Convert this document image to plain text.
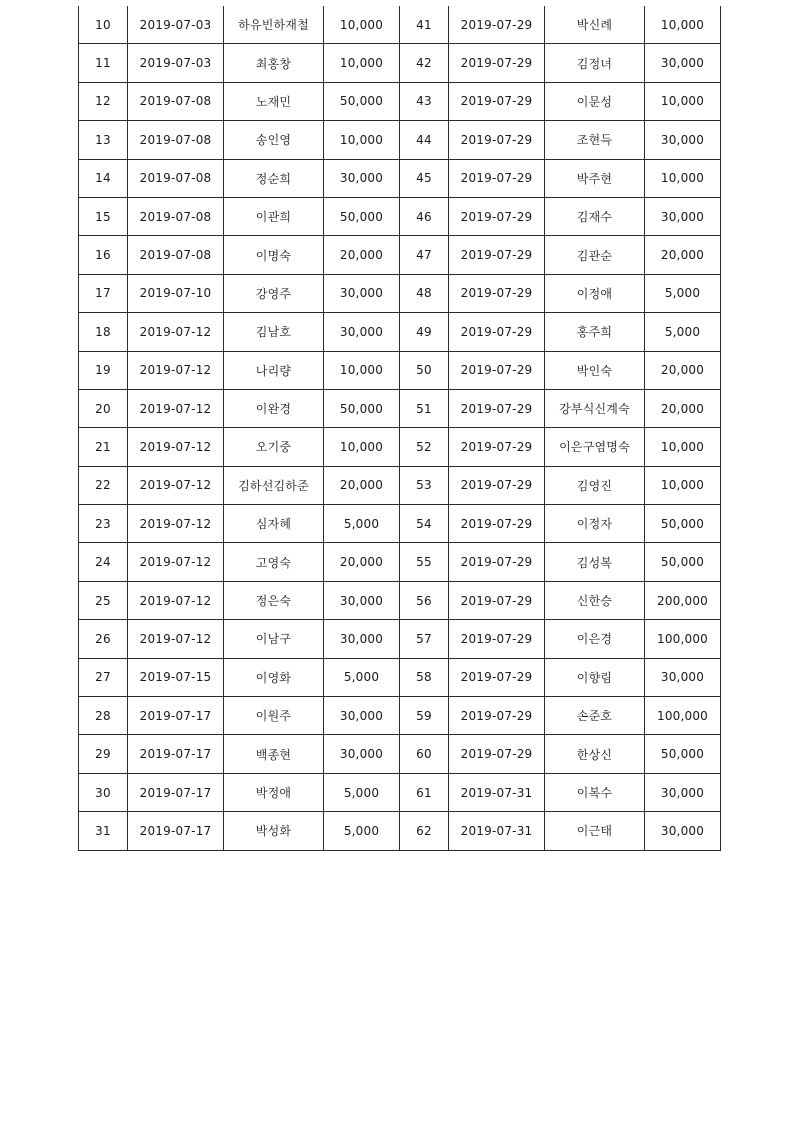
10	2019-07-03	하유빈하재철	10,000	41	2019-07-29	박신례	10,000
11	2019-07-03	최홍창	10,000	42	2019-07-29	김정녀	30,000
12	2019-07-08	노재민	50,000	43	2019-07-29	이문성	10,000
13	2019-07-08	송인영	10,000	44	2019-07-29	조현득	30,000
14	2019-07-08	정순희	30,000	45	2019-07-29	박주현	10,000
15	2019-07-08	이관희	50,000	46	2019-07-29	김재수	30,000
16	2019-07-08	이명숙	20,000	47	2019-07-29	김관순	20,000
17	2019-07-10	강영주	30,000	48	2019-07-29	이정애	5,000
18	2019-07-12	김남호	30,000	49	2019-07-29	홍주희	5,000
19	2019-07-12	나리량	10,000	50	2019-07-29	박인숙	20,000
20	2019-07-12	이완경	50,000	51	2019-07-29	강부식신계숙	20,000
21	2019-07-12	오기중	10,000	52	2019-07-29	이은구염명숙	10,000
22	2019-07-12	김하선김하준	20,000	53	2019-07-29	김영진	10,000
23	2019-07-12	심자혜	5,000	54	2019-07-29	이정자	50,000
24	2019-07-12	고영숙	20,000	55	2019-07-29	김성복	50,000
25	2019-07-12	정은숙	30,000	56	2019-07-29	신한승	200,000
26	2019-07-12	이남구	30,000	57	2019-07-29	이은경	100,000
27	2019-07-15	이영화	5,000	58	2019-07-29	이향림	30,000
28	2019-07-17	이원주	30,000	59	2019-07-29	손준호	100,000
29	2019-07-17	백종현	30,000	60	2019-07-29	한상신	50,000
30	2019-07-17	박정애	5,000	61	2019-07-31	이복수	30,000
31	2019-07-17	박성화	5,000	62	2019-07-31	이근태	30,000
